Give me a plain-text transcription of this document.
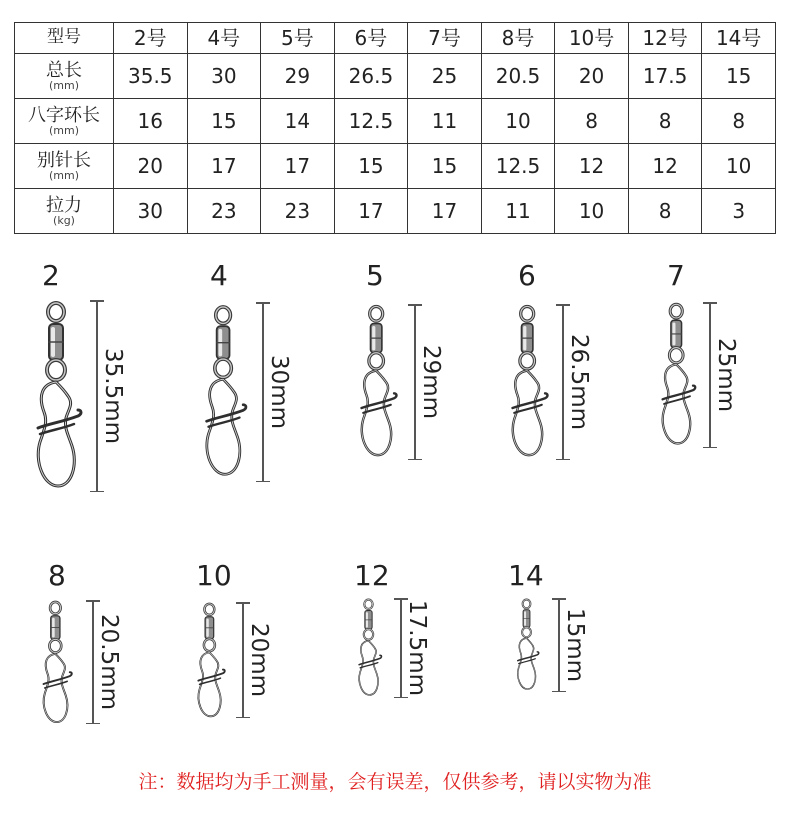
型号	2号	4号	5号	6号	7号	8号	10号	12号	14号

总长
(mm)	35.5	30	29	26.5	25	20.5	20	17.5	15

八字环长
(mm)	16	15	14	12.5	11	10	8	8	8

别针长
(mm)	20	17	17	15	15	12.5	12	12	10

拉力
(kg)	30	23	23	17	17	11	10	8	3
2
35.5mm
4
30mm
5
29mm
6
26.5mm
7
25mm
8
20.5mm
10
20mm
12
17.5mm
14
15mm
注：数据均为手工测量，会有误差，仅供参考，请以实物为准
